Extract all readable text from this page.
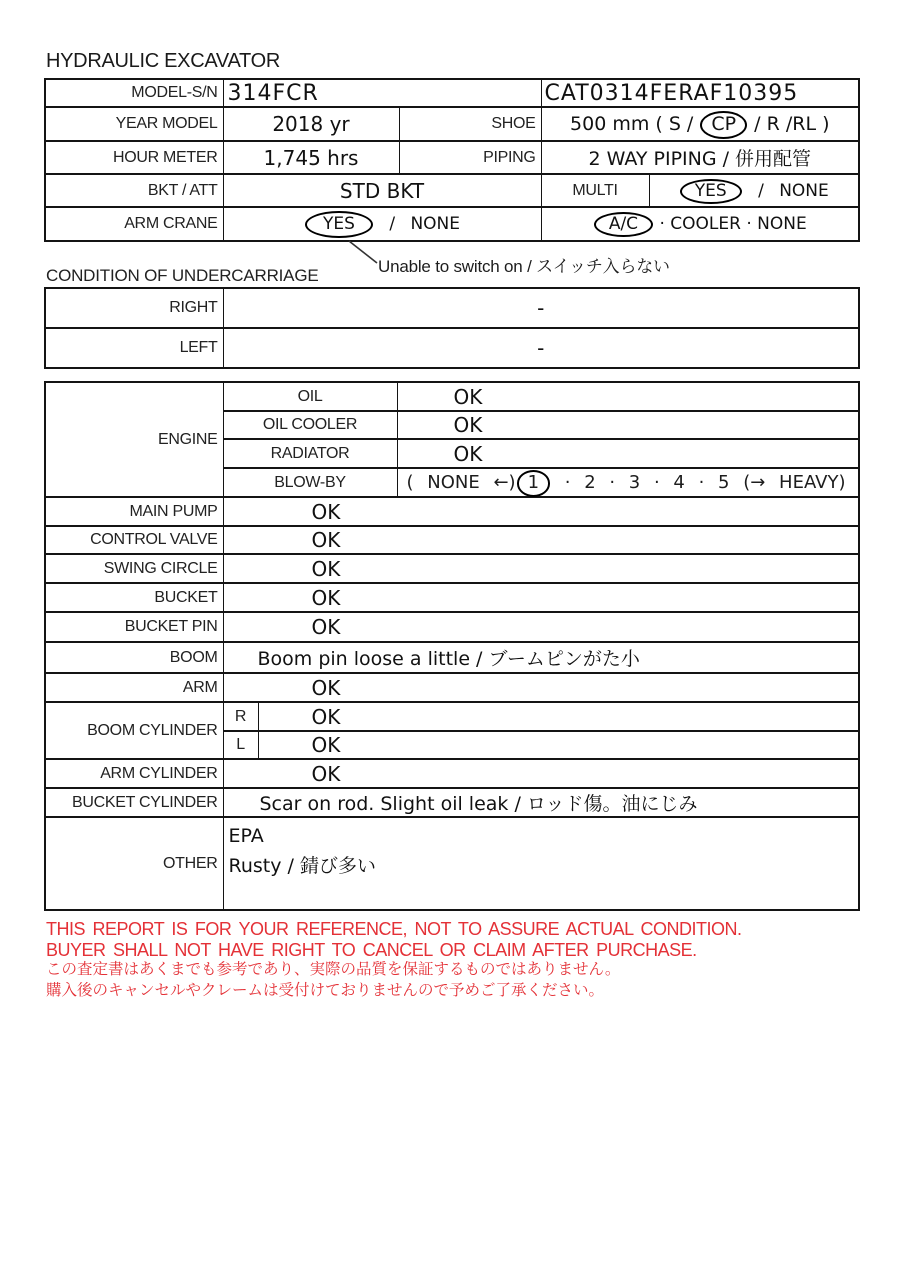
HYDRAULIC EXCAVATOR
MODEL-S/N	314FCR		CAT0314FERAF10395	
YEAR MODEL	2018 yr	SHOE	500 mm ( S / CP / R /RL )	
HOUR METER	1,745 hrs	PIPING	2 WAY PIPING / 併用配管	
BKT / ATT	STD BKT		MULTI	YES / NONE
ARM CRANE	YES / NONE		A/C · COOLER · NONE	
Unable to switch on / スイッチ入らない
CONDITION OF UNDERCARRIAGE
RIGHT	-
LEFT	-
ENGINE	OIL		OK
	OIL COOLER		OK
	RADIATOR		OK
	BLOW-BY		( NONE ←) 1 · 2 · 3 · 4 · 5 (→ HEAVY)
MAIN PUMP	OK		
CONTROL VALVE	OK		
SWING CIRCLE	OK		
BUCKET	OK		
BUCKET PIN	OK		
BOOM	Boom pin loose a little / ブームピンがた小		
ARM	OK		
BOOM CYLINDER	R	OK	
	L	OK	
ARM CYLINDER	OK		
BUCKET CYLINDER	Scar on rod. Slight oil leak / ロッド傷。油にじみ		
OTHER	EPA
Rusty / 錆び多い		
THIS REPORT IS FOR YOUR REFERENCE, NOT TO ASSURE ACTUAL CONDITION.
BUYER SHALL NOT HAVE RIGHT TO CANCEL OR CLAIM AFTER PURCHASE.
この査定書はあくまでも参考であり、実際の品質を保証するものではありません。
購入後のキャンセルやクレームは受付けておりませんので予めご了承ください。
